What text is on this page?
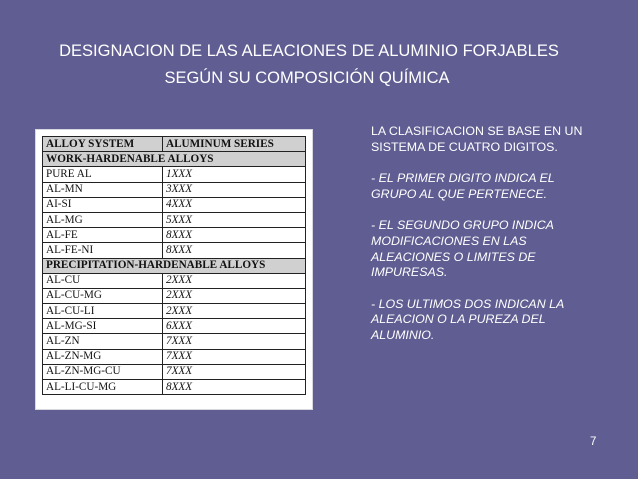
DESIGNACION DE LAS ALEACIONES DE ALUMINIO FORJABLES
SEGÚN SU COMPOSICIÓN QUÍMICA
ALLOY SYSTEM	ALUMINUM SERIES
WORK-HARDENABLE ALLOYS	
PURE AL	1XXX
AL-MN	3XXX
AI-SI	4XXX
AL-MG	5XXX
AL-FE	8XXX
AL-FE-NI	8XXX
PRECIPITATION-HARDENABLE ALLOYS	
AL-CU	2XXX
AL-CU-MG	2XXX
AL-CU-LI	2XXX
AL-MG-SI	6XXX
AL-ZN	7XXX
AL-ZN-MG	7XXX
AL-ZN-MG-CU	7XXX
AL-LI-CU-MG	8XXX

LA CLASIFICACION SE BASE EN UN SISTEMA DE CUATRO DIGITOS.

- EL PRIMER DIGITO INDICA EL GRUPO AL QUE PERTENECE.

- EL SEGUNDO GRUPO INDICA MODIFICACIONES EN LAS ALEACIONES O LIMITES DE IMPURESAS.

- LOS ULTIMOS DOS INDICAN LA ALEACION O LA PUREZA DEL ALUMINIO.

7
